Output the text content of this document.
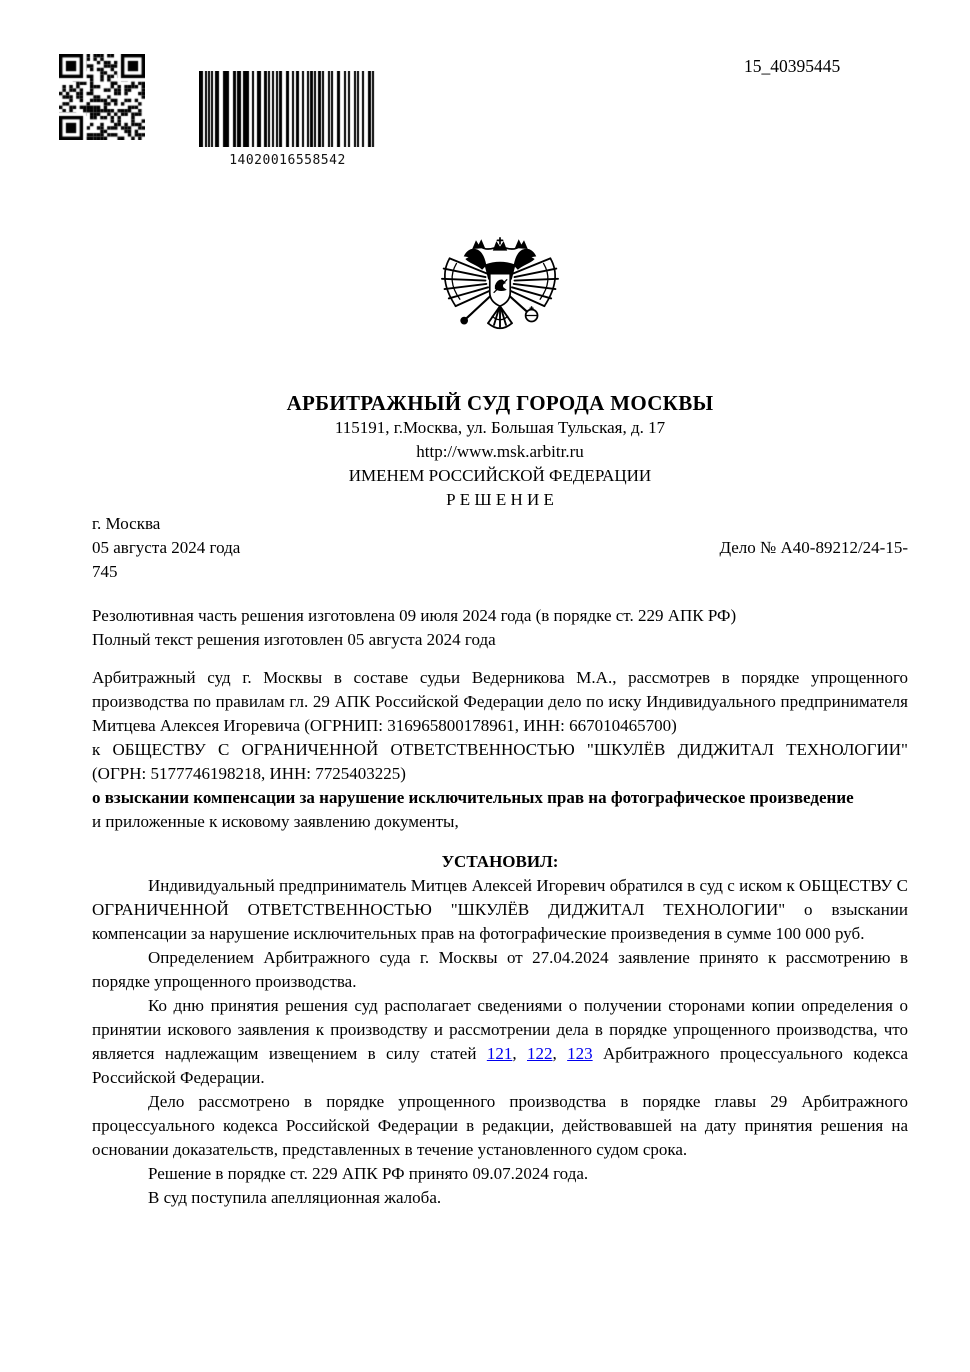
14020016558542
15_40395445
АРБИТРАЖНЫЙ СУД ГОРОДА МОСКВЫ
115191, г.Москва, ул. Большая Тульская, д. 17
http://www.msk.arbitr.ru
ИМЕНЕМ РОССИЙСКОЙ ФЕДЕРАЦИИ
Р Е Ш Е Н И Е
г. Москва
05 августа 2024 года	Дело № А40-89212/24-15-
745
Резолютивная часть решения изготовлена 09 июля 2024 года (в порядке ст. 229 АПК РФ)
Полный текст решения изготовлен 05 августа 2024 года

Арбитражный суд г. Москвы в составе судьи Ведерникова М.А., рассмотрев в порядке упрощенного производства по правилам гл. 29 АПК Российской Федерации дело по иску Индивидуального предпринимателя Митцева Алексея Игоревича (ОГРНИП: 316965800178961, ИНН: 667010465700)

к ОБЩЕСТВУ С ОГРАНИЧЕННОЙ ОТВЕТСТВЕННОСТЬЮ "ШКУЛЁВ ДИДЖИТАЛ ТЕХНОЛОГИИ" (ОГРН: 5177746198218, ИНН: 7725403225)

о взыскании компенсации за нарушение исключительных прав на фотографическое произведение

и приложенные к исковому заявлению документы,

УСТАНОВИЛ:

Индивидуальный предприниматель Митцев Алексей Игоревич обратился в суд с иском к ОБЩЕСТВУ С ОГРАНИЧЕННОЙ ОТВЕТСТВЕННОСТЬЮ "ШКУЛЁВ ДИДЖИТАЛ ТЕХНОЛОГИИ" о взыскании компенсации за нарушение исключительных прав на фотографические произведения в сумме 100 000 руб.

Определением Арбитражного суда г. Москвы от 27.04.2024 заявление принято к рассмотрению в порядке упрощенного производства.

Ко дню принятия решения суд располагает сведениями о получении сторонами копии определения о принятии искового заявления к производству и рассмотрении дела в порядке упрощенного производства, что является надлежащим извещением в силу статей 121, 122, 123 Арбитражного процессуального кодекса Российской Федерации.

Дело рассмотрено в порядке упрощенного производства в порядке главы 29 Арбитражного процессуального кодекса Российской Федерации в редакции, действовавшей на дату принятия решения на основании доказательств, представленных в течение установленного судом срока.

Решение в порядке ст. 229 АПК РФ принято 09.07.2024 года.

В суд поступила апелляционная жалоба.
